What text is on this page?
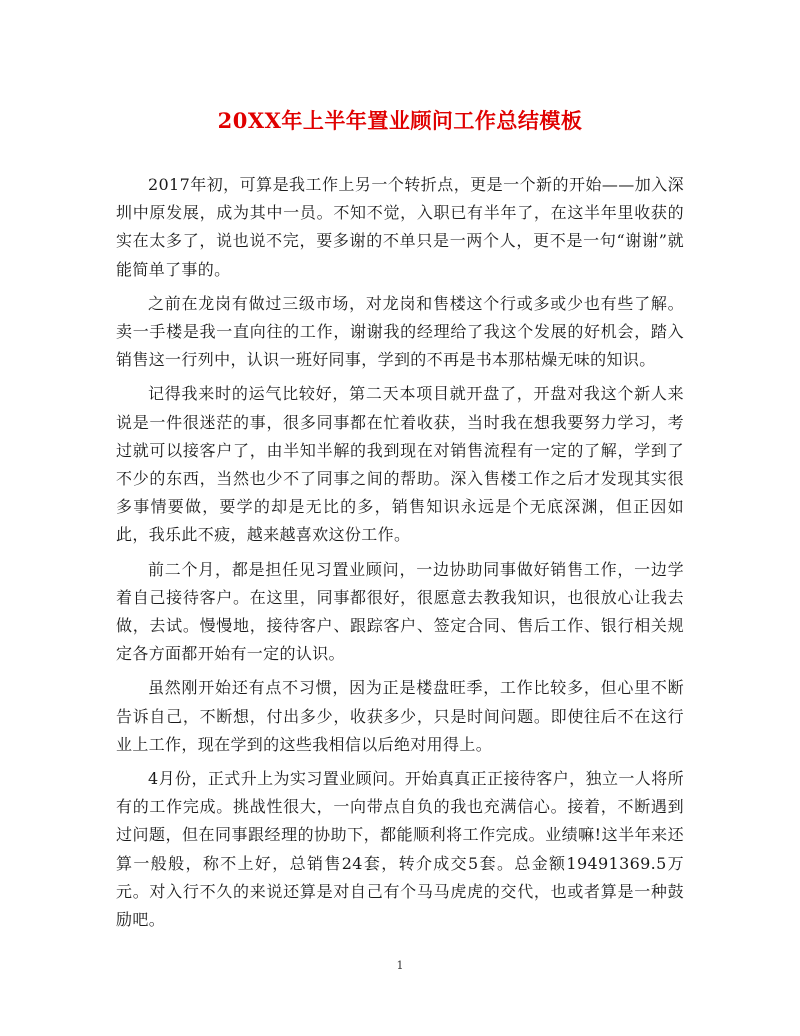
20XX年上半年置业顾问工作总结模板

2017年初，可算是我工作上另一个转折点，更是一个新的开始——加入深圳中原发展，成为其中一员。不知不觉，入职已有半年了，在这半年里收获的实在太多了，说也说不完，要多谢的不单只是一两个人，更不是一句“谢谢”就能简单了事的。

之前在龙岗有做过三级市场，对龙岗和售楼这个行或多或少也有些了解。卖一手楼是我一直向往的工作，谢谢我的经理给了我这个发展的好机会，踏入销售这一行列中，认识一班好同事，学到的不再是书本那枯燥无味的知识。

记得我来时的运气比较好，第二天本项目就开盘了，开盘对我这个新人来说是一件很迷茫的事，很多同事都在忙着收获，当时我在想我要努力学习，考过就可以接客户了，由半知半解的我到现在对销售流程有一定的了解，学到了不少的东西，当然也少不了同事之间的帮助。深入售楼工作之后才发现其实很多事情要做，要学的却是无比的多，销售知识永远是个无底深渊，但正因如此，我乐此不疲，越来越喜欢这份工作。

前二个月，都是担任见习置业顾问，一边协助同事做好销售工作，一边学着自己接待客户。在这里，同事都很好，很愿意去教我知识，也很放心让我去做，去试。慢慢地，接待客户、跟踪客户、签定合同、售后工作、银行相关规定各方面都开始有一定的认识。

虽然刚开始还有点不习惯，因为正是楼盘旺季，工作比较多，但心里不断告诉自己，不断想，付出多少，收获多少，只是时间问题。即使往后不在这行业上工作，现在学到的这些我相信以后绝对用得上。

4月份，正式升上为实习置业顾问。开始真真正正接待客户，独立一人将所有的工作完成。挑战性很大，一向带点自负的我也充满信心。接着，不断遇到过问题，但在同事跟经理的协助下，都能顺利将工作完成。业绩嘛!这半年来还算一般般，称不上好，总销售24套，转介成交5套。总金额19491369.5万元。对入行不久的来说还算是对自己有个马马虎虎的交代，也或者算是一种鼓励吧。

1
